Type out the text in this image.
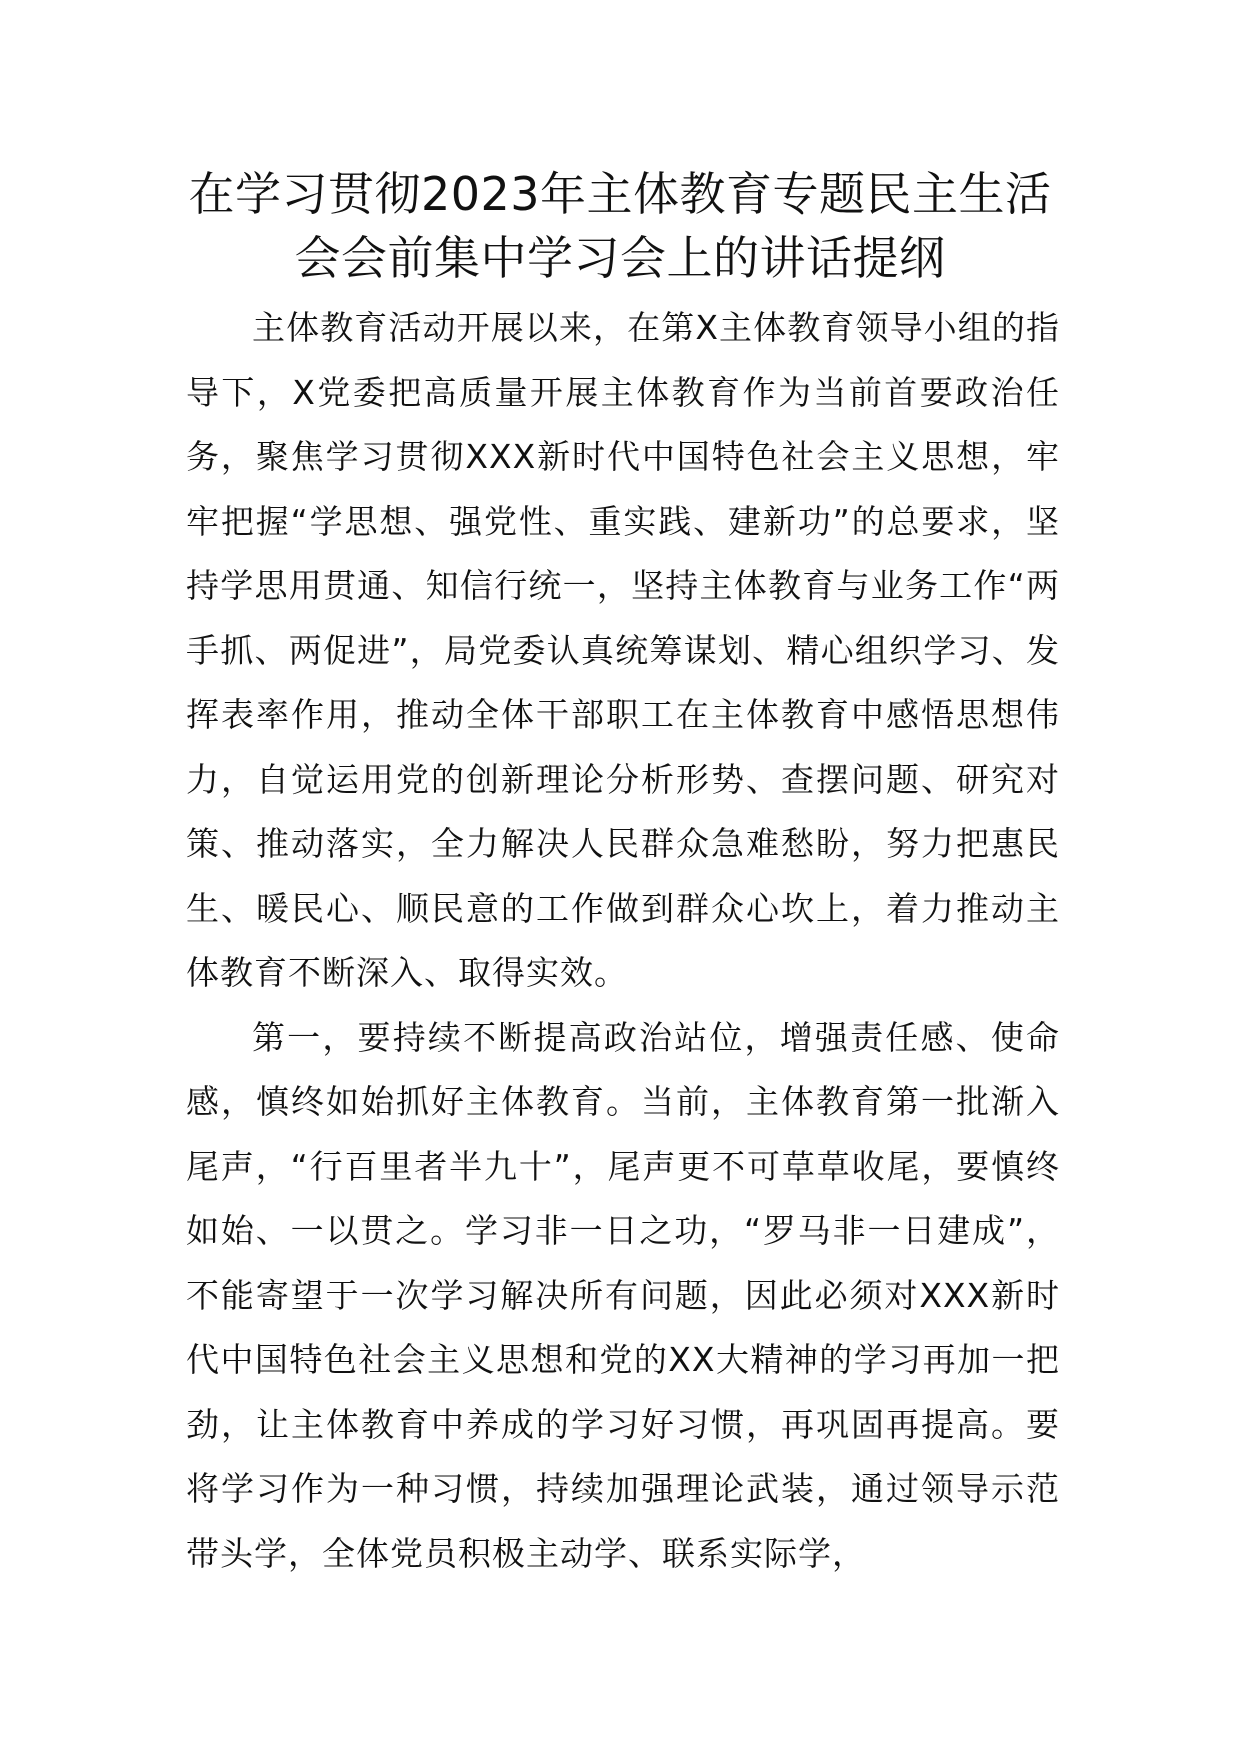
在学习贯彻2023年主体教育专题民主生活
会会前集中学习会上的讲话提纲

主体教育活动开展以来，在第X主体教育领导小组的指导下，X党委把高质量开展主体教育作为当前首要政治任务，聚焦学习贯彻XXX新时代中国特色社会主义思想，牢牢把握“学思想、强党性、重实践、建新功”的总要求，坚持学思用贯通、知信行统一，坚持主体教育与业务工作“两手抓、两促进”，局党委认真统筹谋划、精心组织学习、发挥表率作用，推动全体干部职工在主体教育中感悟思想伟力，自觉运用党的创新理论分析形势、查摆问题、研究对策、推动落实，全力解决人民群众急难愁盼，努力把惠民生、暖民心、顺民意的工作做到群众心坎上，着力推动主体教育不断深入、取得实效。

第一，要持续不断提高政治站位，增强责任感、使命感，慎终如始抓好主体教育。当前，主体教育第一批渐入尾声，“行百里者半九十”，尾声更不可草草收尾，要慎终如始、一以贯之。学习非一日之功，“罗马非一日建成”，不能寄望于一次学习解决所有问题，因此必须对XXX新时代中国特色社会主义思想和党的XX大精神的学习再加一把劲，让主体教育中养成的学习好习惯，再巩固再提高。要将学习作为一种习惯，持续加强理论武装，通过领导示范带头学，全体党员积极主动学、联系实际学，
